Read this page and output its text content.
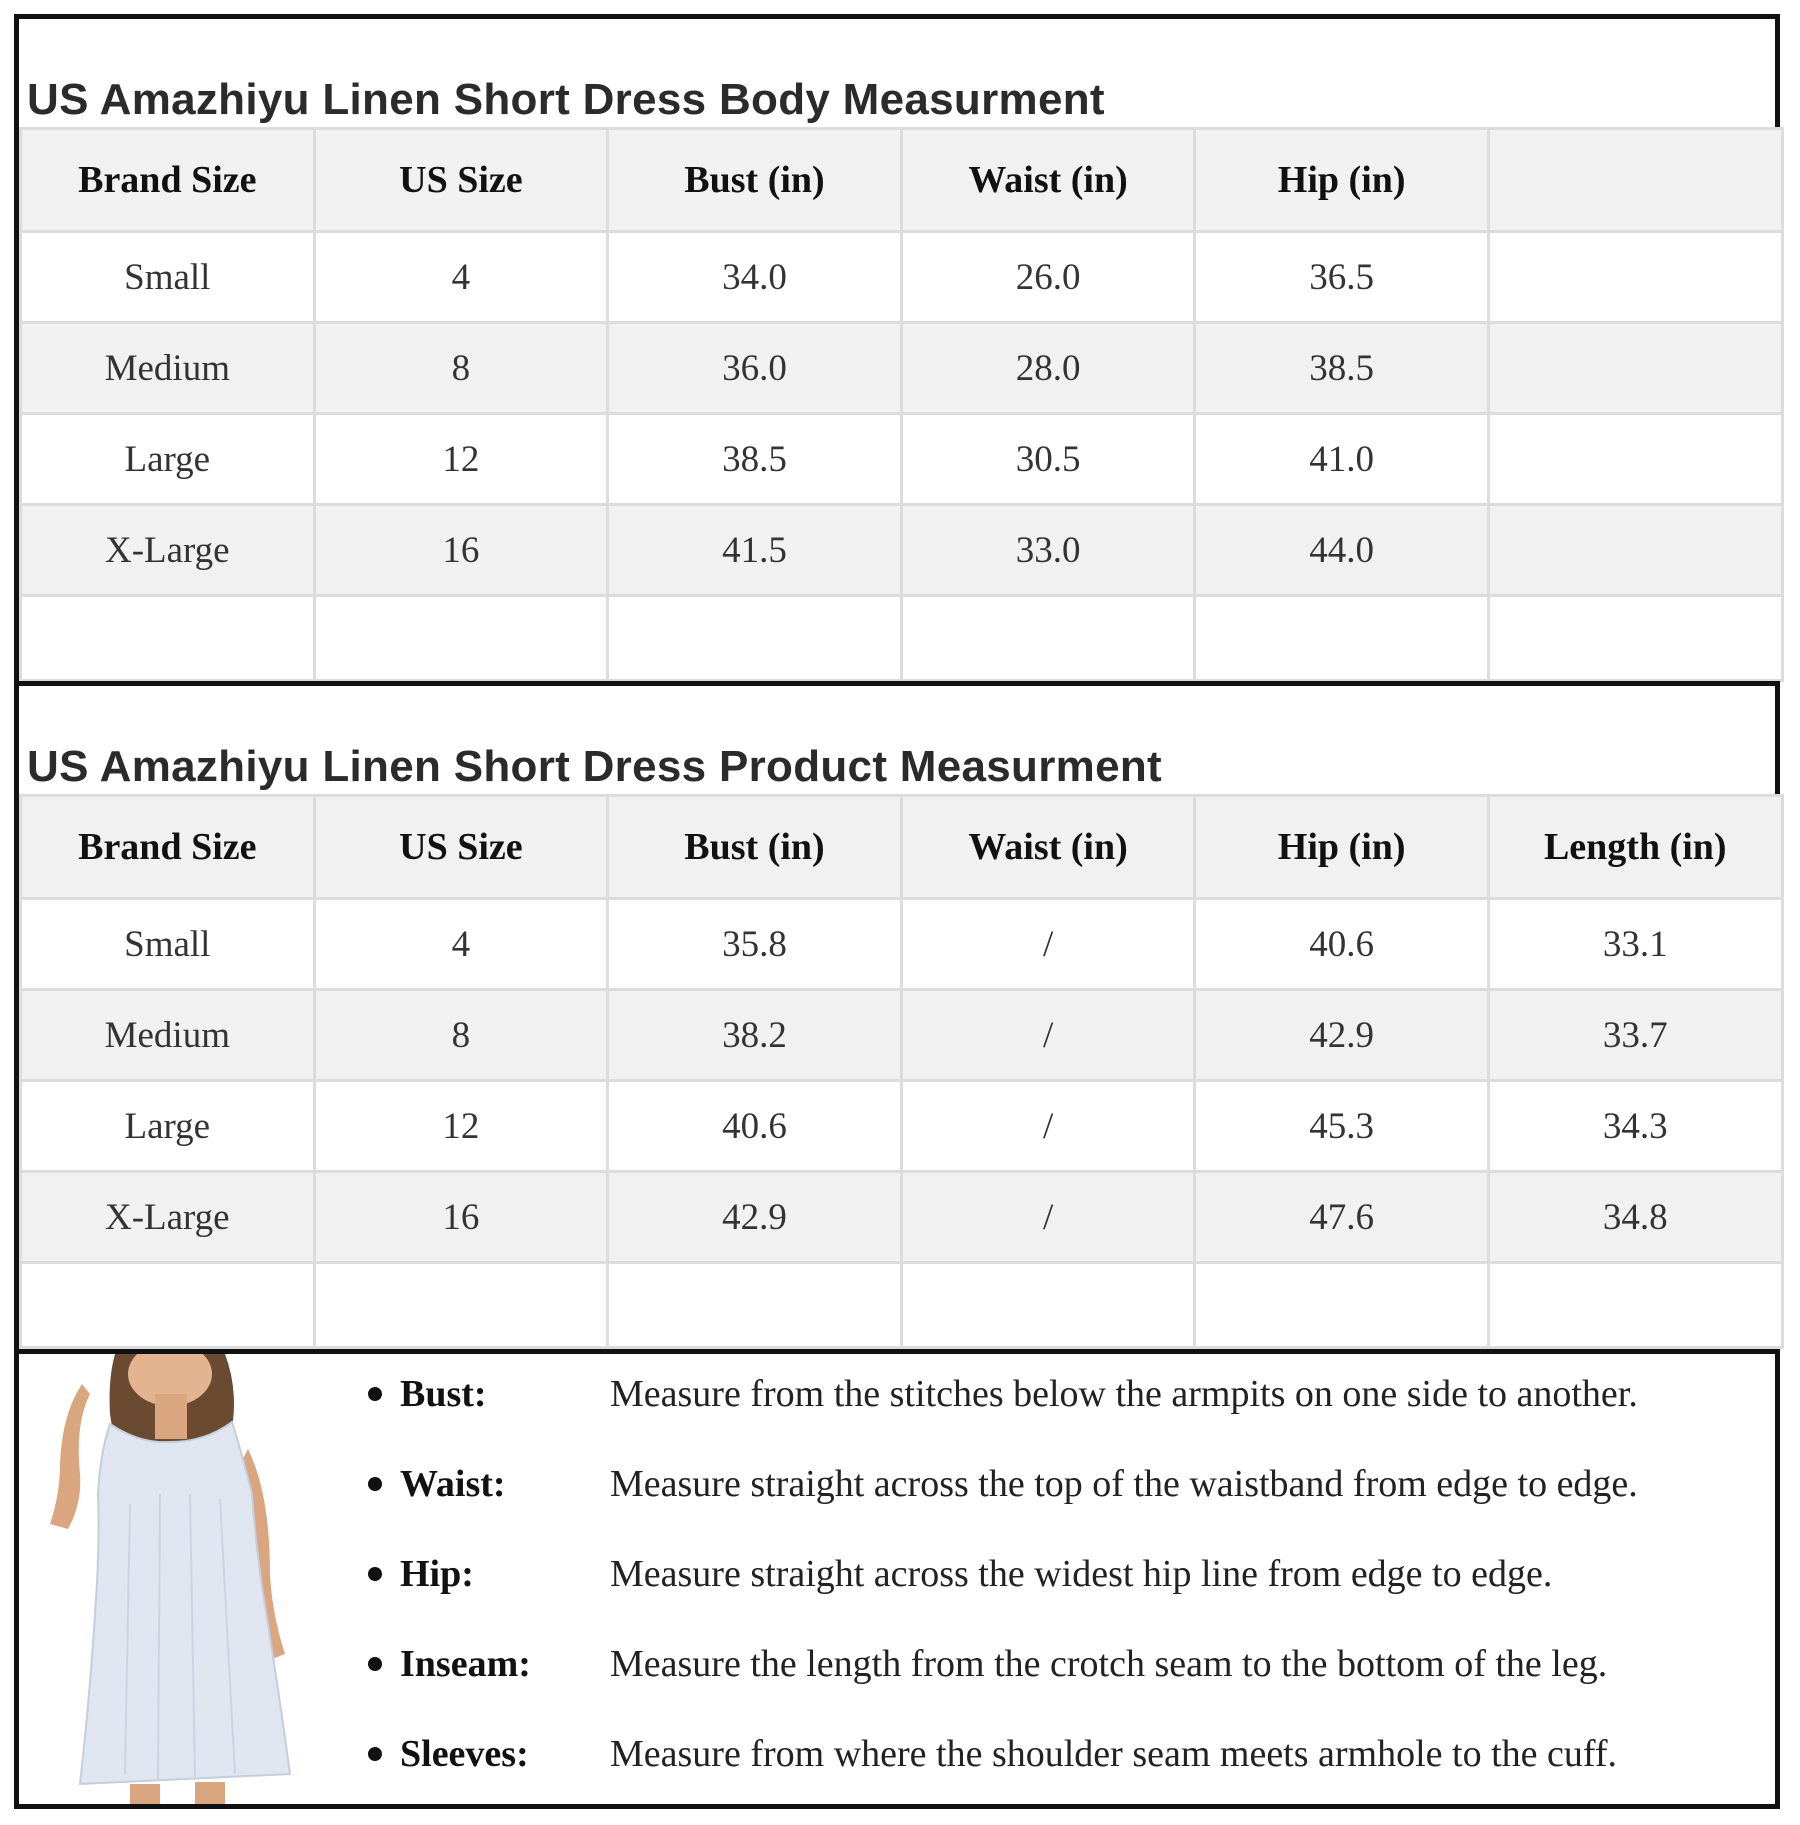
US Amazhiyu Linen Short Dress Body Measurment
Brand Size	US Size	Bust (in)	Waist (in)	Hip (in)	
Small	4	34.0	26.0	36.5	
Medium	8	36.0	28.0	38.5	
Large	12	38.5	30.5	41.0	
X-Large	16	41.5	33.0	44.0	

US Amazhiyu Linen Short Dress Product Measurment
Brand Size	US Size	Bust (in)	Waist (in)	Hip (in)	Length (in)
Small	4	35.8	/	40.6	33.1
Medium	8	38.2	/	42.9	33.7
Large	12	40.6	/	45.3	34.3
X-Large	16	42.9	/	47.6	34.8

Bust:	Measure from the stitches below the armpits on one side to another.
Waist:	Measure straight across the top of the waistband from edge to edge.
Hip:	Measure straight across the widest hip line from edge to edge.
Inseam:	Measure the length from the crotch seam to the bottom of the leg.
Sleeves:	Measure from where the shoulder seam meets armhole to the cuff.
